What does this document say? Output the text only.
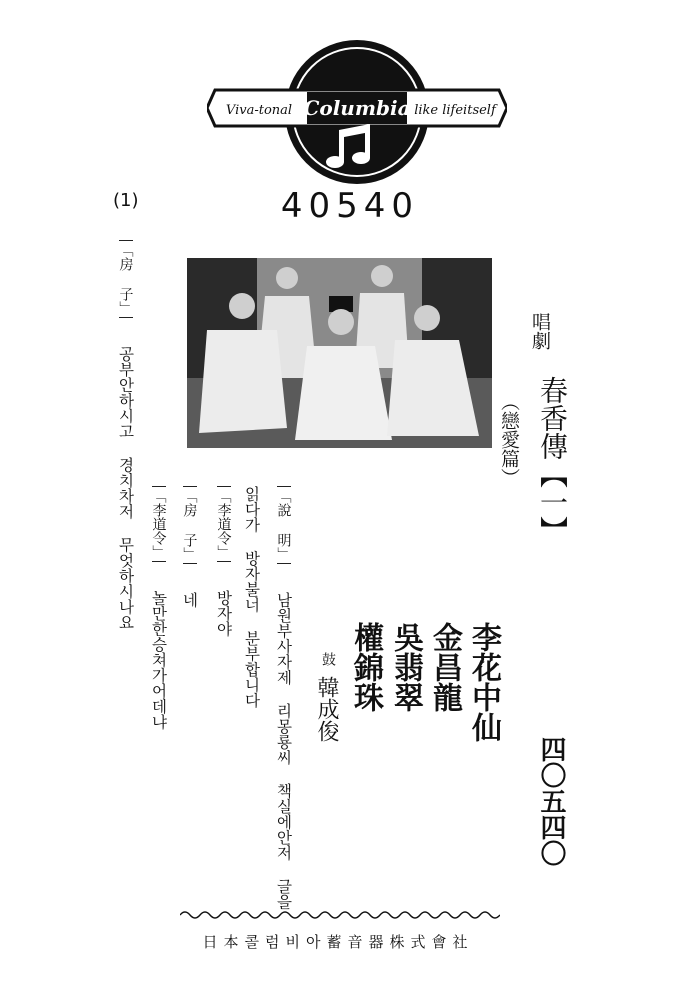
Columbia
Viva-tonal	like lifeitself
40540
(1)
唱劇
春香傳【一】
（戀愛篇）
李花中仙
金昌龍
吳翡翠
權錦珠
鼓
韓成俊
四〇五四〇
「說 明」 남원부사자제 리몽룡씨 책실에안저 글을
읽다가 방자불너 분부합니다
「李道令」 방자야
「房 子」 네
「李道令」 놀만한승쳐가어데냐
「房 子」 공부안하시고 경치차저 무엇하시나요
日本콜럼비아蓄音器株式會社
